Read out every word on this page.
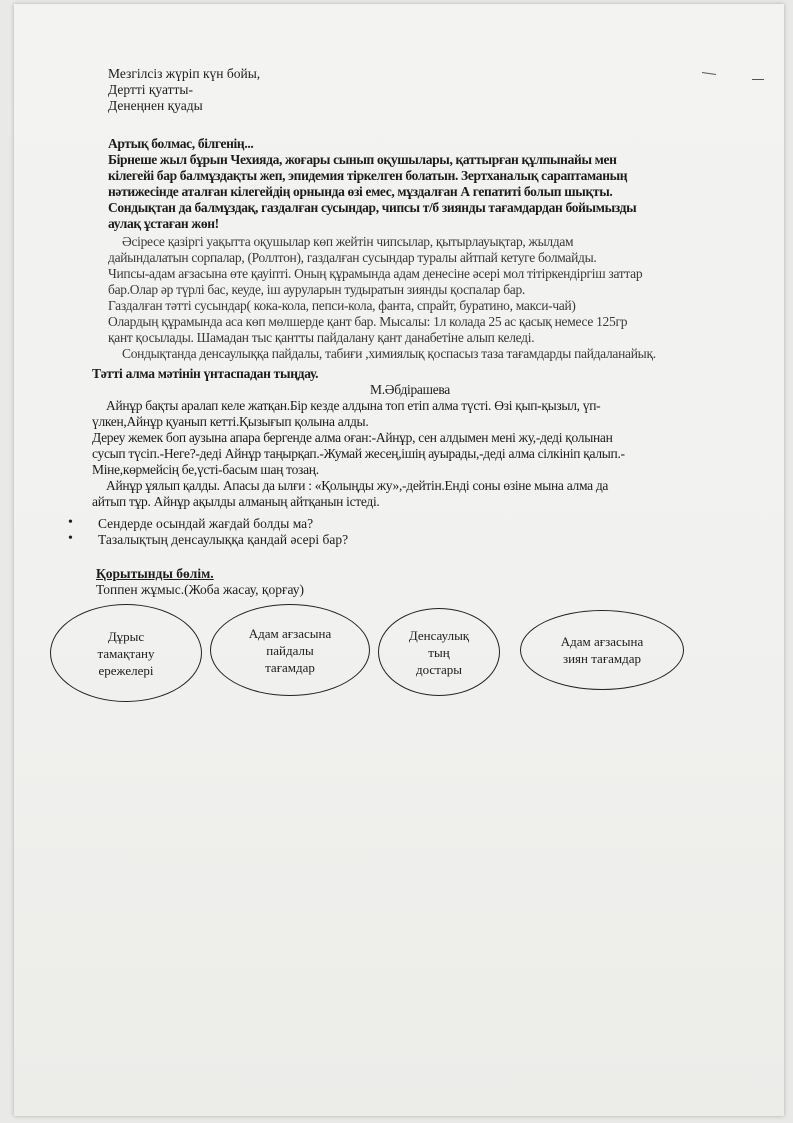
Мезгілсіз жүріп күн бойы,
Дертті қуатты-
Денеңнен қуады
Артық болмас, білгенің...
Бірнеше жыл бұрын Чехияда, жоғары сынып оқушылары, қаттырған құлпынайы мен
кілегейі бар балмұздақты жеп, эпидемия тіркелген болатын. Зертханалық сараптаманың
нәтижесінде аталған кілегейдің орнында өзі емес, мұздалған А гепатиті болып шықты.
Сондықтан да балмұздақ, газдалған сусындар, чипсы т/б зиянды тағамдардан бойымызды
аулақ ұстаған жөн!
Әсіресе қазіргі уақытта оқушылар көп жейтін чипсылар, қытырлауықтар, жылдам
дайындалатын сорпалар, (Роллтон), газдалған сусындар туралы айтпай кетуге болмайды.
Чипсы-адам ағзасына өте қауіпті. Оның құрамында адам денесіне әсері мол тітіркендіргіш заттар
бар.Олар әр түрлі бас, кеуде, іш ауруларын тудыратын зиянды қоспалар бар.
Газдалған тәтті сусындар( кока-кола, пепси-кола, фанта, спрайт, буратино, макси-чай)
Олардың құрамында аса көп мөлшерде қант бар. Мысалы: 1л колада 25 ас қасық немесе 125гр
қант қосылады. Шамадан тыс қантты пайдалану қант данабетіне алып келеді.
Сондықтанда денсаулыққа пайдалы, табиғи ,химиялық қоспасыз таза тағамдарды пайдаланайық.
Тәтті алма мәтінін үнтаспадан тыңдау.
М.Әбдірашева
Айнұр бақты аралап келе жатқан.Бір кезде алдына топ етіп алма түсті. Өзі қып-қызыл, үп-
үлкен,Айнұр қуанып кетті.Қызығып қолына алды.
Дереу жемек боп аузына апара бергенде алма оған:-Айнұр, сен алдымен мені жу,-деді қолынан
сусып түсіп.-Неге?-деді Айнұр таңырқап.-Жумай жесең,ішің ауырады,-деді алма сілкініп қалып.-
Міне,көрмейсің бе,үсті-басым шаң тозаң.
Айнұр ұялып қалды. Апасы да ылғи : «Қолыңды жу»,-дейтін.Енді соны өзіне мына алма да
айтып тұр. Айнұр ақылды алманың айтқанын істеді.
• Сендерде осындай жағдай болды ма?
• Тазалықтың денсаулыққа қандай әсері бар?
Қорытынды бөлім.
Топпен жұмыс.(Жоба жасау, қорғау)
Дұрыс
тамақтану
ережелері
Адам ағзасына
пайдалы
тағамдар
Денсаулық
тың
достары
Адам ағзасына
зиян тағамдар
